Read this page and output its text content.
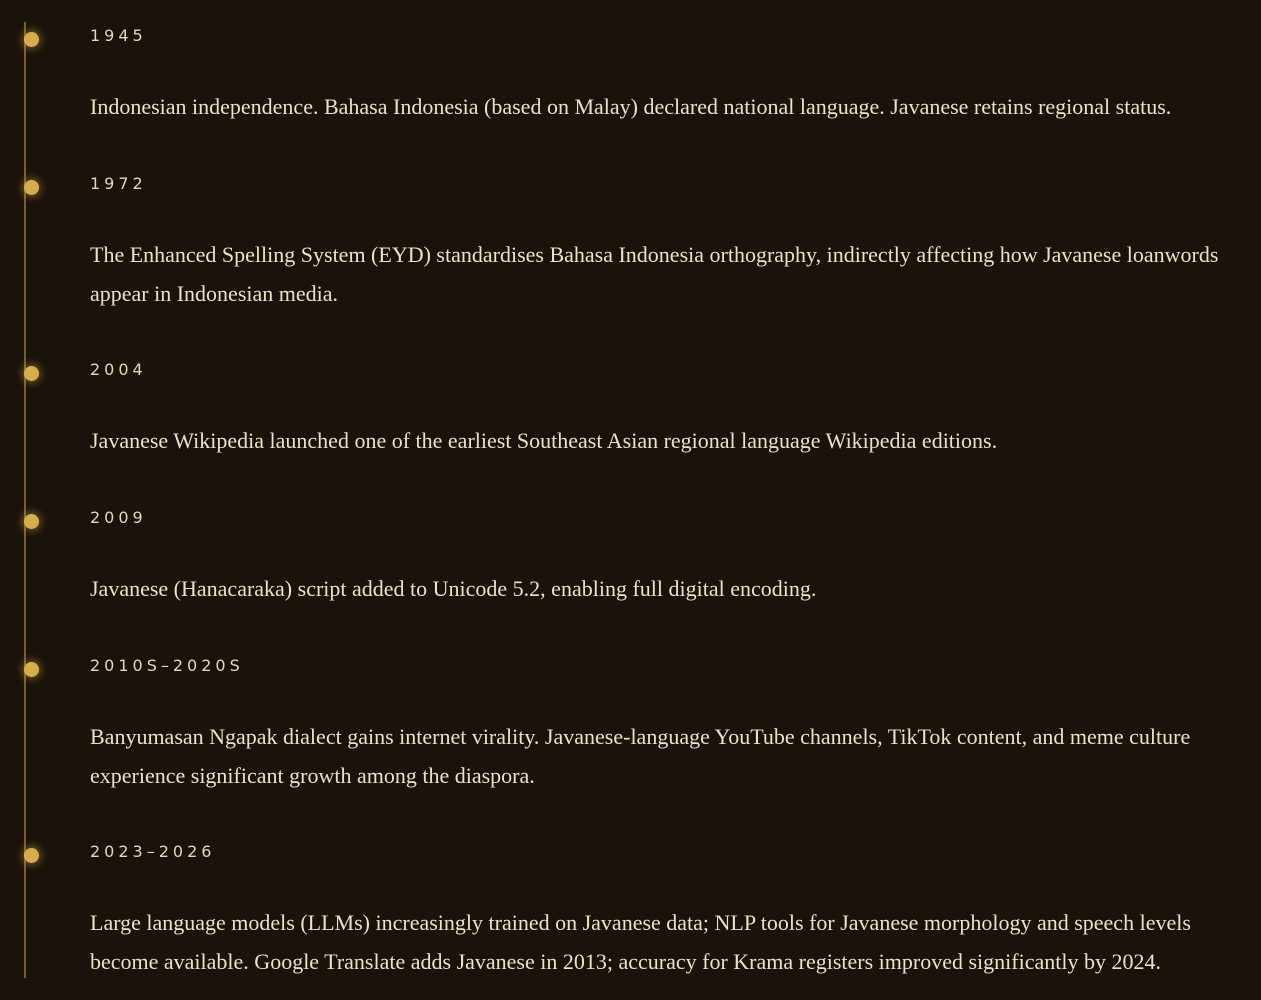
1945
Indonesian independence. Bahasa Indonesia (based on Malay) declared national language. Javanese retains regional status.
1972
The Enhanced Spelling System (EYD) standardises Bahasa Indonesia orthography, indirectly affecting how Javanese loanwords appear in Indonesian media.
2004
Javanese Wikipedia launched one of the earliest Southeast Asian regional language Wikipedia editions.
2009
Javanese (Hanacaraka) script added to Unicode 5.2, enabling full digital encoding.
2010S–2020S
Banyumasan Ngapak dialect gains internet virality. Javanese-language YouTube channels, TikTok content, and meme culture experience significant growth among the diaspora.
2023–2026
Large language models (LLMs) increasingly trained on Javanese data; NLP tools for Javanese morphology and speech levels become available. Google Translate adds Javanese in 2013; accuracy for Krama registers improved significantly by 2024.
